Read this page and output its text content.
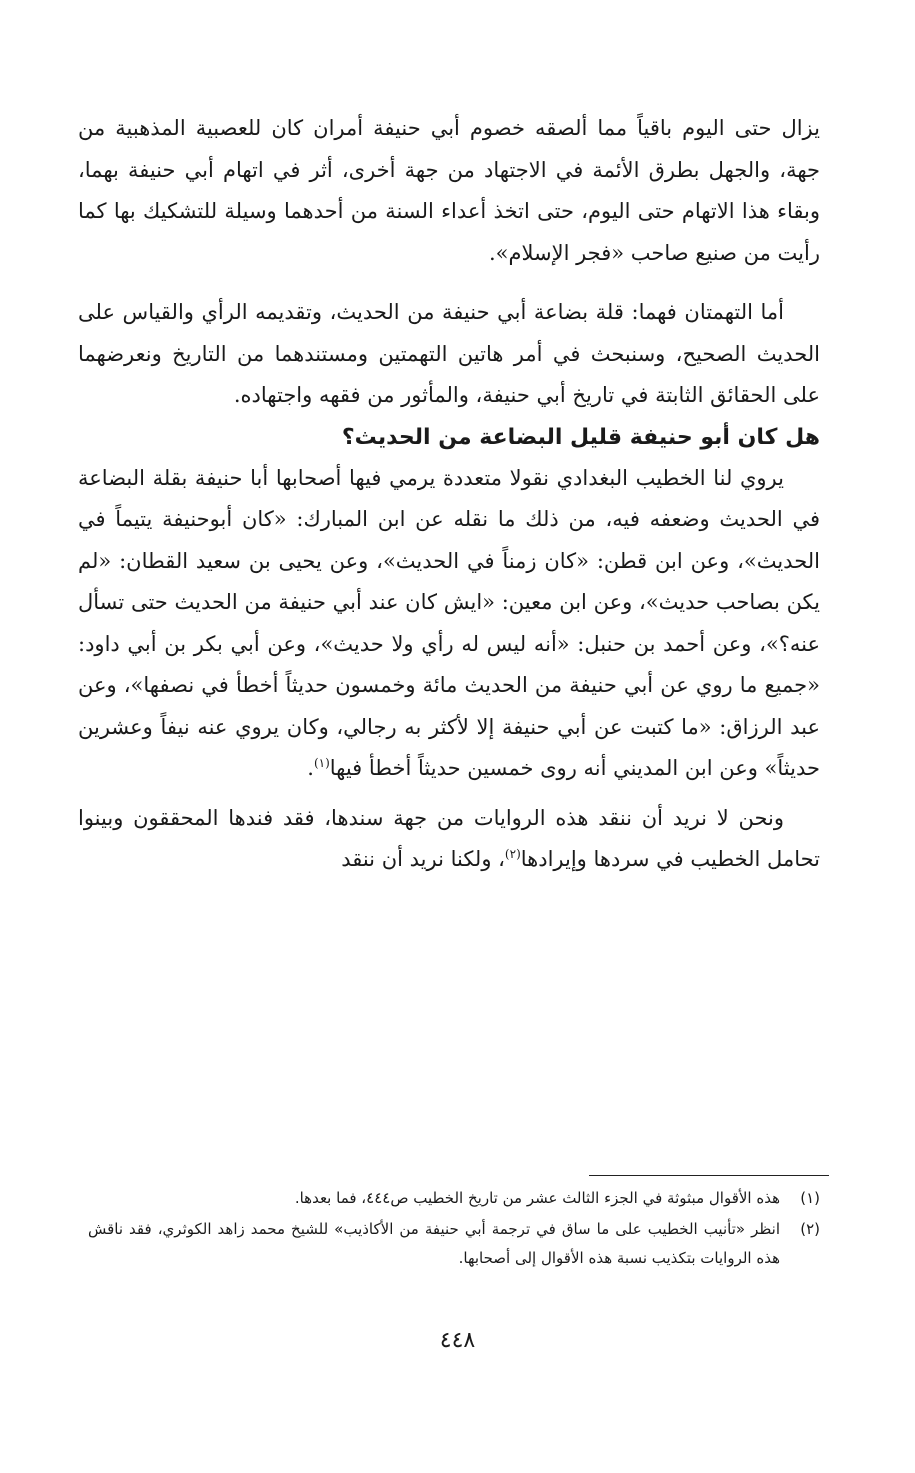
يزال حتى اليوم باقياً مما ألصقه خصوم أبي حنيفة أمران كان للعصبية المذهبية من جهة، والجهل بطرق الأئمة في الاجتهاد من جهة أخرى، أثر في اتهام أبي حنيفة بهما، وبقاء هذا الاتهام حتى اليوم، حتى اتخذ أعداء السنة من أحدهما وسيلة للتشكيك بها كما رأيت من صنيع صاحب «فجر الإسلام».

أما التهمتان فهما: قلة بضاعة أبي حنيفة من الحديث، وتقديمه الرأي والقياس على الحديث الصحيح، وسنبحث في أمر هاتين التهمتين ومستندهما من التاريخ ونعرضهما على الحقائق الثابتة في تاريخ أبي حنيفة، والمأثور من فقهه واجتهاده.

هل كان أبو حنيفة قليل البضاعة من الحديث؟

يروي لنا الخطيب البغدادي نقولا متعددة يرمي فيها أصحابها أبا حنيفة بقلة البضاعة في الحديث وضعفه فيه، من ذلك ما نقله عن ابن المبارك: «كان أبوحنيفة يتيماً في الحديث»، وعن ابن قطن: «كان زمناً في الحديث»، وعن يحيى بن سعيد القطان: «لم يكن بصاحب حديث»، وعن ابن معين: «ايش كان عند أبي حنيفة من الحديث حتى تسأل عنه؟»، وعن أحمد بن حنبل: «أنه ليس له رأي ولا حديث»، وعن أبي بكر بن أبي داود: «جميع ما روي عن أبي حنيفة من الحديث مائة وخمسون حديثاً أخطأ في نصفها»، وعن عبد الرزاق: «ما كتبت عن أبي حنيفة إلا لأكثر به رجالي، وكان يروي عنه نيفاً وعشرين حديثاً» وعن ابن المديني أنه روى خمسين حديثاً أخطأ فيها$^{(١)}$.

ونحن لا نريد أن ننقد هذه الروايات من جهة سندها، فقد فندها المحققون وبينوا تحامل الخطيب في سردها وإيرادها$^{(٢)}$، ولكنا نريد أن ننقد

(١)
هذه الأقوال مبثوثة في الجزء الثالث عشر من تاريخ الخطيب ص٤٤٤، فما بعدها.
(٢)
انظر «تأنيب الخطيب على ما ساق في ترجمة أبي حنيفة من الأكاذيب» للشيخ محمد زاهد الكوثري، فقد ناقش هذه الروايات بتكذيب نسبة هذه الأقوال إلى أصحابها.
٤٤٨
